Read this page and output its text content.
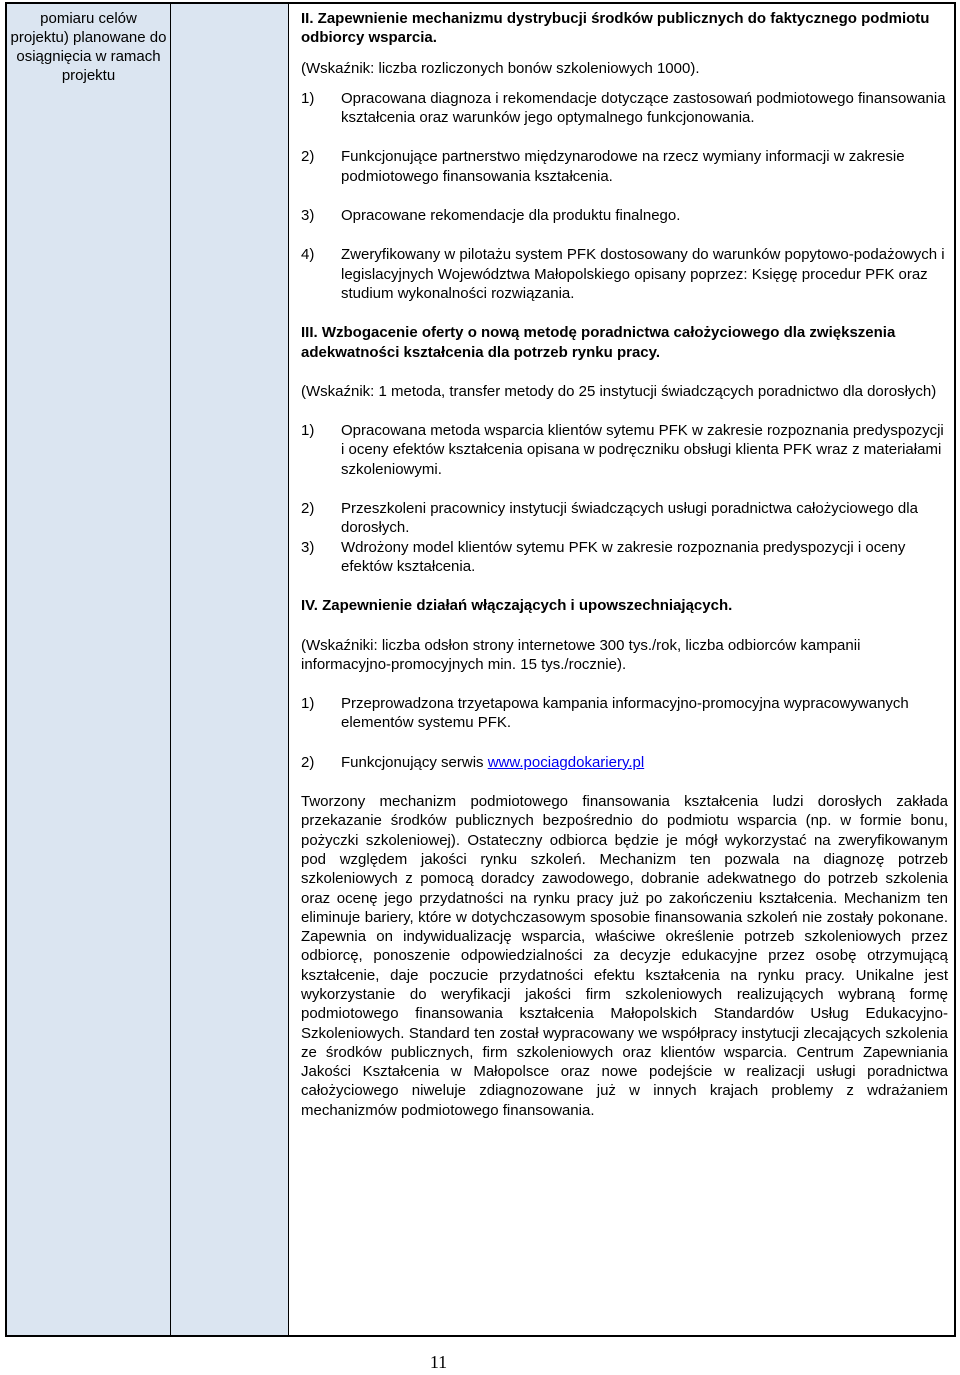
pomiaru celów projektu) planowane do osiągnięcia w ramach projektu

II. Zapewnienie mechanizmu dystrybucji środków publicznych do faktycznego podmiotu odbiorcy wsparcia.

(Wskaźnik: liczba rozliczonych bonów szkoleniowych 1000).

1)	Opracowana diagnoza i rekomendacje dotyczące zastosowań podmiotowego finansowania kształcenia oraz warunków jego optymalnego funkcjonowania.
2)	Funkcjonujące partnerstwo międzynarodowe na rzecz wymiany informacji w zakresie podmiotowego finansowania kształcenia.
3)	Opracowane rekomendacje dla produktu finalnego.
4)	Zweryfikowany w pilotażu system PFK dostosowany do warunków popytowo-podażowych i legislacyjnych Województwa Małopolskiego opisany poprzez: Księgę procedur PFK oraz studium wykonalności rozwiązania.

III. Wzbogacenie oferty o nową metodę poradnictwa całożyciowego dla zwiększenia adekwatności kształcenia dla potrzeb rynku pracy.

(Wskaźnik: 1 metoda, transfer metody do 25 instytucji świadczących poradnictwo dla dorosłych)

1)	Opracowana metoda wsparcia klientów sytemu PFK w zakresie rozpoznania predyspozycji i oceny efektów kształcenia opisana w podręczniku obsługi klienta PFK wraz z materiałami szkoleniowymi.
2)	Przeszkoleni pracownicy instytucji świadczących usługi poradnictwa całożyciowego dla dorosłych.
3)	Wdrożony model klientów sytemu PFK w zakresie rozpoznania predyspozycji i oceny efektów kształcenia.

IV. Zapewnienie działań włączających i upowszechniających.

(Wskaźniki: liczba odsłon strony internetowe 300 tys./rok, liczba odbiorców kampanii informacyjno-promocyjnych min. 15 tys./rocznie).

1)	Przeprowadzona trzyetapowa kampania informacyjno-promocyjna wypracowywanych elementów systemu PFK.
2)	Funkcjonujący serwis www.pociagdokariery.pl

Tworzony mechanizm podmiotowego finansowania kształcenia ludzi dorosłych zakłada przekazanie środków publicznych bezpośrednio do podmiotu wsparcia (np. w formie bonu, pożyczki szkoleniowej). Ostateczny odbiorca będzie je mógł wykorzystać na zweryfikowanym pod względem jakości rynku szkoleń. Mechanizm ten pozwala na diagnozę potrzeb szkoleniowych z pomocą doradcy zawodowego, dobranie adekwatnego do potrzeb szkolenia oraz ocenę jego przydatności na rynku pracy już po zakończeniu kształcenia. Mechanizm ten eliminuje bariery, które w dotychczasowym sposobie finansowania szkoleń nie zostały pokonane. Zapewnia on indywidualizację wsparcia, właściwe określenie potrzeb szkoleniowych przez odbiorcę, ponoszenie odpowiedzialności za decyzje edukacyjne przez osobę otrzymującą kształcenie, daje poczucie przydatności efektu kształcenia na rynku pracy. Unikalne jest wykorzystanie do weryfikacji jakości firm szkoleniowych realizujących wybraną formę podmiotowego finansowania kształcenia Małopolskich Standardów Usług Edukacyjno-Szkoleniowych. Standard ten został wypracowany we współpracy instytucji zlecających szkolenia ze środków publicznych, firm szkoleniowych oraz klientów wsparcia. Centrum Zapewniania Jakości Kształcenia w Małopolsce oraz nowe podejście w realizacji usługi poradnictwa całożyciowego niweluje zdiagnozowane już w innych krajach problemy z wdrażaniem mechanizmów podmiotowego finansowania.

11
